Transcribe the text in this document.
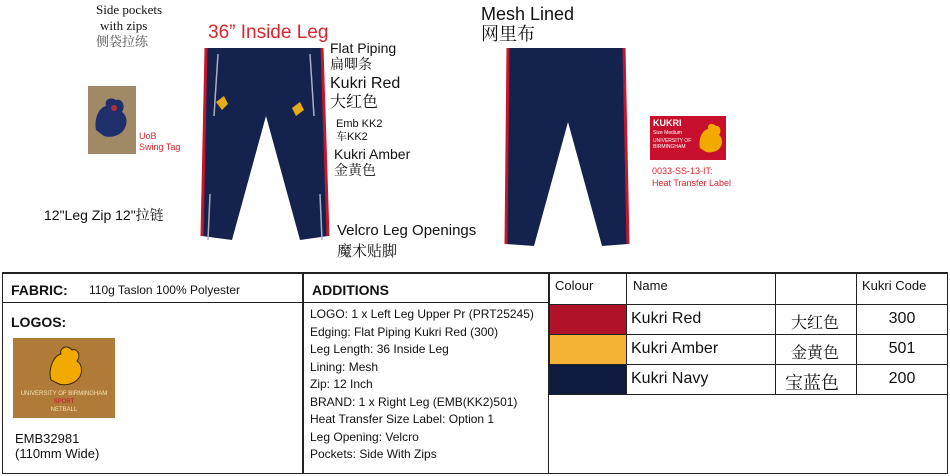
Side pockets
with zips
侧袋拉练	36” Inside Leg
Flat Piping
扁唧条
Kukri Red
大红色
Emb KK2
车KK2
Kukri Amber
金黄色
12"Leg Zip 12"拉链
Velcro Leg Openings
魔术贴脚
Mesh Lined
网里布
UoB
Swing Tag
KUKRI
Size Medium
UNIVERSITY OF
BIRMINGHAM
0033-SS-13-IT:
Heat Transfer Label
FABRIC: 110g Taslon 100% Polyester
LOGOS:
UNIVERSITY OF BIRMINGHAM
SPORT
NETBALL
EMB32981
(110mm Wide)
ADDITIONS
LOGO: 1 x Left Leg Upper Pr (PRT25245)
Edging: Flat Piping Kukri Red (300)
Leg Length: 36 Inside Leg
Lining: Mesh
Zip: 12 Inch
BRAND: 1 x Right Leg (EMB(KK2)501)
Heat Transfer Size Label: Option 1
Leg Opening: Velcro
Pockets: Side With Zips
Colour	Name	Kukri Code
Kukri Red	大红色	300
Kukri Amber	金黄色	501
Kukri Navy	宝蓝色	200
